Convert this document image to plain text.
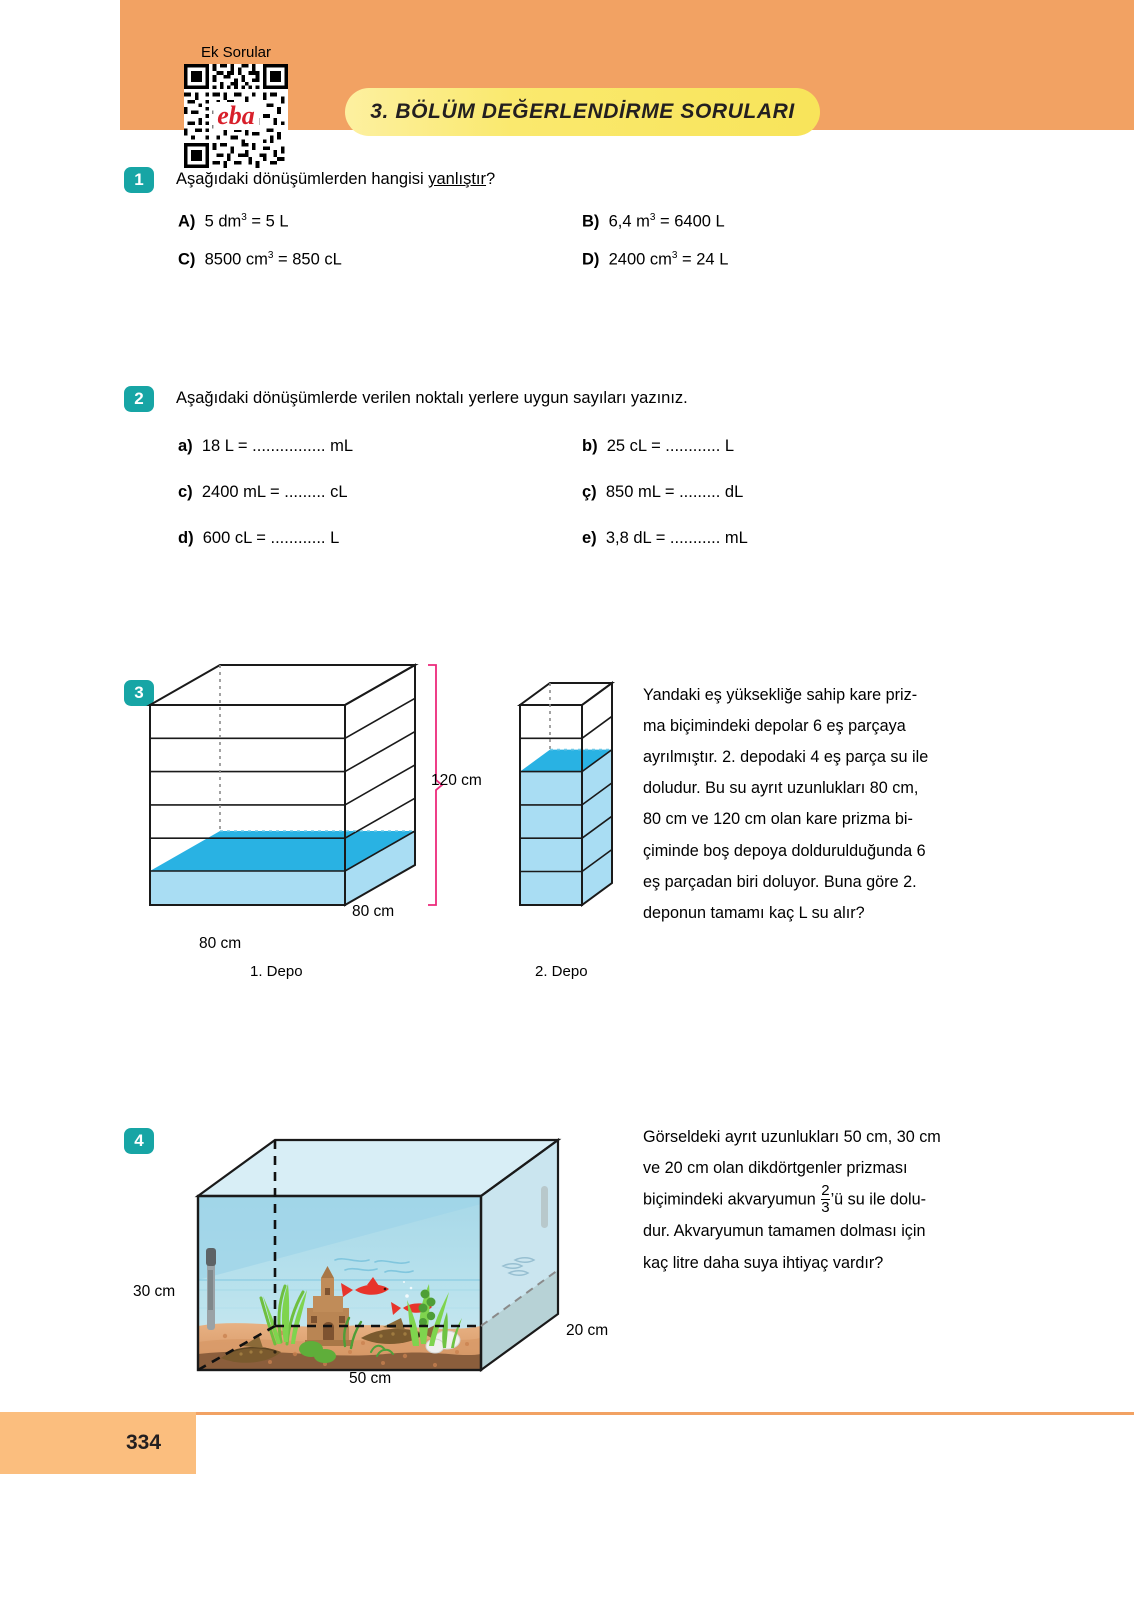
Ek Sorular
eba	3. BÖLÜM DEĞERLENDİRME SORULARI
1	Aşağıdaki dönüşümlerden hangisi yanlıştır?
A) 5 $dm^3 = 5$ L	B) 6,4 $m^3 = 6400$ L
C) 8500 $cm^3 = 850$ cL	D) 2400 $cm^3 = 24$ L
2	Aşağıdaki dönüşümlerde verilen noktalı yerlere uygun sayıları yazınız.
a) 18 L = ................ mL	b) 25 cL = ............ L
c) 2400 mL = ......... cL	ç) 850 mL = ......... dL
d) 600 cL = ............ L	e) 3,8 dL = ........... mL
3
120 cm
80 cm
80 cm
1. Depo	2. Depo
Yandaki eş yüksekliğe sahip kare priz-
ma biçimindeki depolar 6 eş parçaya
ayrılmıştır. 2. depodaki 4 eş parça su ile
doludur. Bu su ayrıt uzunlukları 80 cm,
80 cm ve 120 cm olan kare prizma bi-
çiminde boş depoya doldurulduğunda 6
eş parçadan biri doluyor. Buna göre 2.
deponun tamamı kaç L su alır?
4
30 cm
20 cm
50 cm
Görseldeki ayrıt uzunlukları 50 cm, 30 cm
ve 20 cm olan dikdörtgenler prizması
biçimindeki akvaryumun $\frac{2}{3}$ ’ü su ile dolu-
dur. Akvaryumun tamamen dolması için
kaç litre daha suya ihtiyaç vardır?
334
